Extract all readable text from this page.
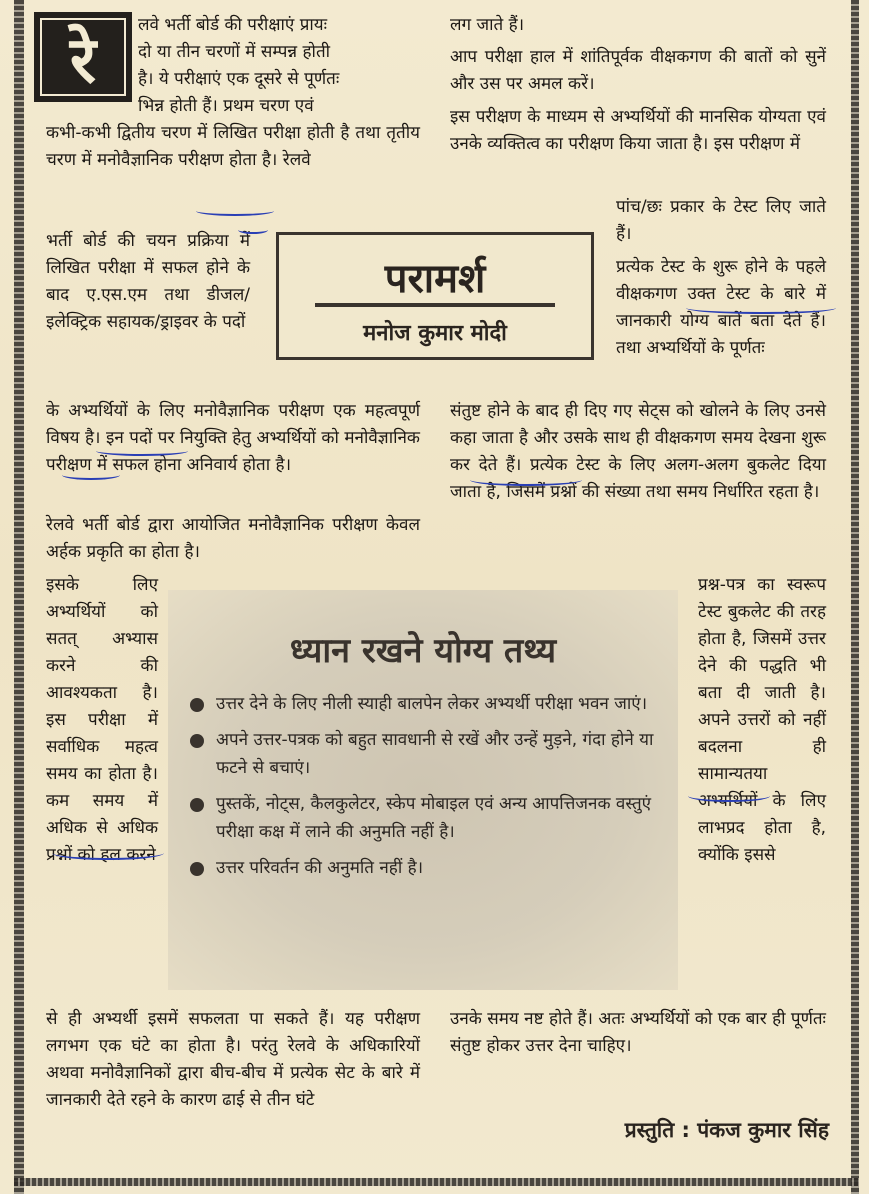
रे लवे भर्ती बोर्ड की परीक्षाएं प्रायः

दो या तीन चरणों में सम्पन्न होती

है। ये परीक्षाएं एक दूसरे से पूर्णतः

भिन्न होती हैं। प्रथम चरण एवं

कभी-कभी द्वितीय चरण में लिखित परीक्षा होती है तथा तृतीय चरण में मनोवैज्ञानिक परीक्षण होता है। रेलवे

भर्ती बोर्ड की चयन प्रक्रिया में लिखित परीक्षा में सफल होने के बाद ए.एस.एम तथा डीजल/इलेक्ट्रिक सहायक/ड्राइवर के पदों

के अभ्यर्थियों के लिए मनोवैज्ञानिक परीक्षण एक महत्वपूर्ण विषय है। इन पदों पर नियुक्ति हेतु अभ्यर्थियों को मनोवैज्ञानिक परीक्षण में सफल होना अनिवार्य होता है।

रेलवे भर्ती बोर्ड द्वारा आयोजित मनोवैज्ञानिक परीक्षण केवल अर्हक प्रकृति का होता है।

इसके लिए अभ्यर्थियों को सतत् अभ्यास करने की आवश्यकता है। इस परीक्षा में सर्वाधिक महत्व समय का होता है। कम समय में अधिक से अधिक प्रश्नों को हल करने

से ही अभ्यर्थी इसमें सफलता पा सकते हैं। यह परीक्षण लगभग एक घंटे का होता है। परंतु रेलवे के अधिकारियों अथवा मनोवैज्ञानिकों द्वारा बीच-बीच में प्रत्येक सेट के बारे में जानकारी देते रहने के कारण ढाई से तीन घंटे

लग जाते हैं।

आप परीक्षा हाल में शांतिपूर्वक वीक्षकगण की बातों को सुनें और उस पर अमल करें।

इस परीक्षण के माध्यम से अभ्यर्थियों की मानसिक योग्यता एवं उनके व्यक्तित्व का परीक्षण किया जाता है। इस परीक्षण में

पांच/छः प्रकार के टेस्ट लिए जाते हैं।

प्रत्येक टेस्ट के शुरू होने के पहले वीक्षकगण उक्त टेस्ट के बारे में जानकारी योग्य बातें बता देते हैं। तथा अभ्यर्थियों के पूर्णतः

संतुष्ट होने के बाद ही दिए गए सेट्स को खोलने के लिए उनसे कहा जाता है और उसके साथ ही वीक्षकगण समय देखना शुरू कर देते हैं। प्रत्येक टेस्ट के लिए अलग-अलग बुकलेट दिया जाता है, जिसमें प्रश्नों की संख्या तथा समय निर्धारित रहता है।

प्रश्न-पत्र का स्वरूप टेस्ट बुकलेट की तरह होता है, जिसमें उत्तर देने की पद्धति भी बता दी जाती है। अपने उत्तरों को नहीं बदलना ही सामान्यतया अभ्यर्थियों के लिए लाभप्रद होता है, क्योंकि इससे

उनके समय नष्ट होते हैं। अतः अभ्यर्थियों को एक बार ही पूर्णतः संतुष्ट होकर उत्तर देना चाहिए।

परामर्श
मनोज कुमार मोदी
ध्यान रखने योग्य तथ्य
उत्तर देने के लिए नीली स्याही बालपेन लेकर अभ्यर्थी परीक्षा भवन जाएं।
अपने उत्तर-पत्रक को बहुत सावधानी से रखें और उन्हें मुड़ने, गंदा होने या फटने से बचाएं।
पुस्तकें, नोट्स, कैलकुलेटर, स्केप मोबाइल एवं अन्य आपत्तिजनक वस्तुएं परीक्षा कक्ष में लाने की अनुमति नहीं है।
उत्तर परिवर्तन की अनुमति नहीं है।
प्रस्तुति : पंकज कुमार सिंह
